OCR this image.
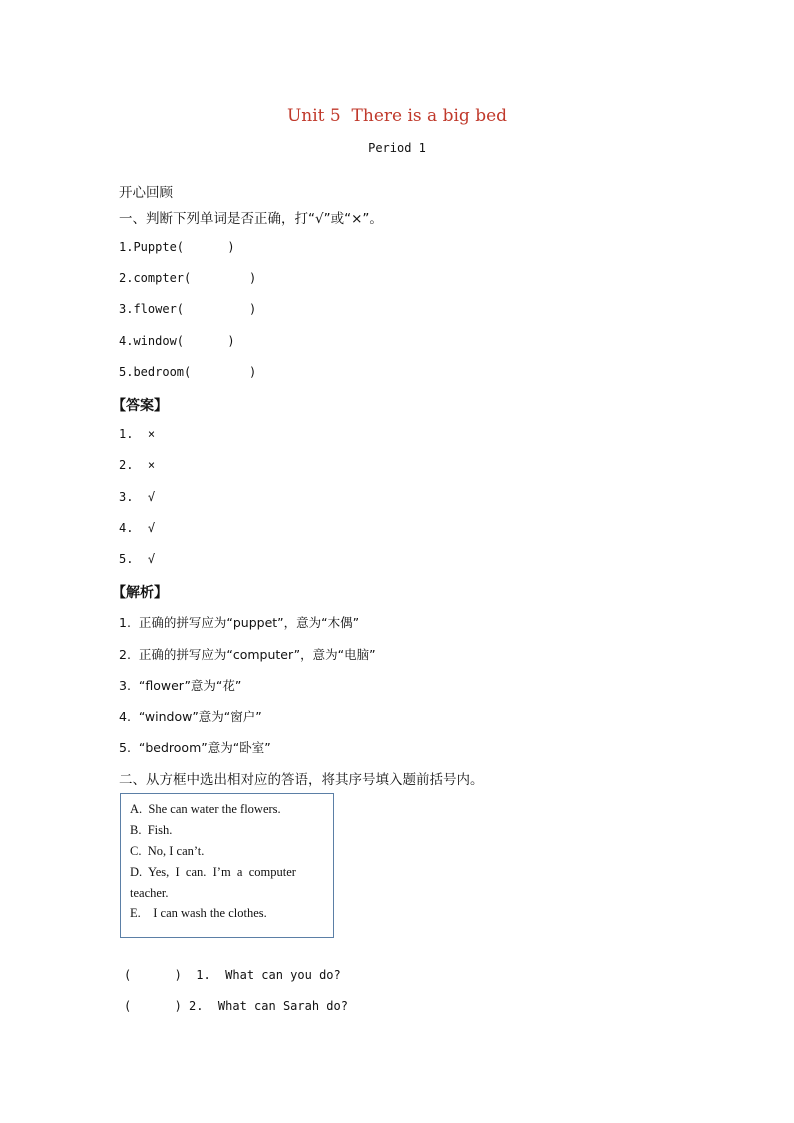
Unit 5  There is a big bed
Period 1
开心回顾
一、判断下列单词是否正确，打“√”或“×”。
1.Puppte(      )
2.compter(        )
3.flower(         )
4.window(      )
5.bedroom(        )
【答案】
1.  ×
2.  ×
3.  √
4.  √
5.  √
【解析】
1.  正确的拼写应为“puppet”，意为“木偶”
2.  正确的拼写应为“computer”，意为“电脑”
3.  “flower”意为“花”
4.  “window”意为“窗户”
5.  “bedroom”意为“卧室”
二、从方框中选出相对应的答语，将其序号填入题前括号内。
A.  She can water the flowers.
B.  Fish.
C.  No, I can’t.
D.  Yes,  I  can.  I’m  a  computer
teacher.
E.    I can wash the clothes.
(      )  1.  What can you do?
(      ) 2.  What can Sarah do?
